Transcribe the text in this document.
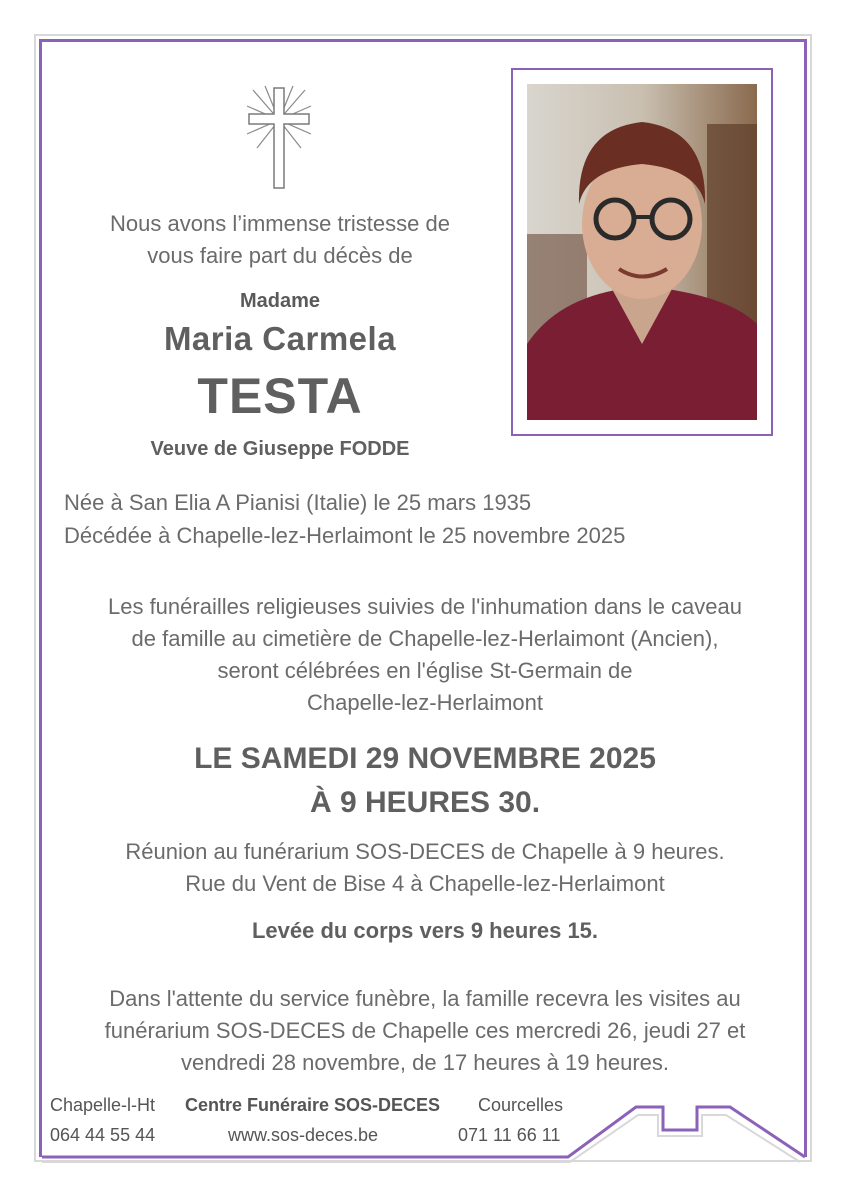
Nous avons l’immense tristesse de
vous faire part du décès de
Madame
Maria Carmela
TESTA
Veuve de Giuseppe FODDE
Née à San Elia A Pianisi (Italie) le 25 mars 1935
Décédée à Chapelle-lez-Herlaimont le 25 novembre 2025
Les funérailles religieuses suivies de l'inhumation dans le caveau
de famille au cimetière de Chapelle-lez-Herlaimont (Ancien),
seront célébrées en l'église St-Germain de
Chapelle-lez-Herlaimont
LE SAMEDI 29 NOVEMBRE 2025
À 9 HEURES 30.
Réunion au funérarium SOS-DECES de Chapelle à 9 heures.
Rue du Vent de Bise 4 à Chapelle-lez-Herlaimont
Levée du corps vers 9 heures 15.
Dans l'attente du service funèbre, la famille recevra les visites au
funérarium SOS-DECES de Chapelle ces mercredi 26, jeudi 27 et
vendredi 28 novembre, de 17 heures à 19 heures.
Chapelle-l-Ht
064 44 55 44
Centre Funéraire SOS-DECES
www.sos-deces.be
Courcelles
071 11 66 11
